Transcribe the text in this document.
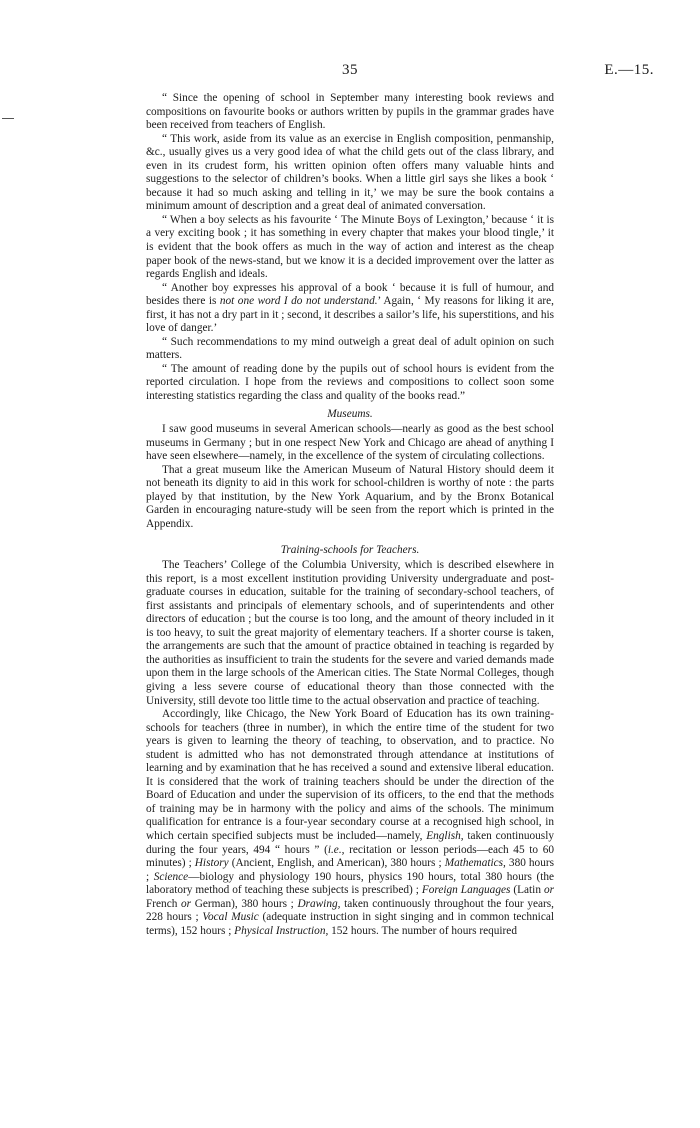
35	E.—15.

“ Since the opening of school in September many interesting book reviews and compositions on favourite books or authors written by pupils in the grammar grades have been received from teachers of English.

“ This work, aside from its value as an exercise in English composition, penmanship, &c., usually gives us a very good idea of what the child gets out of the class library, and even in its crudest form, his written opinion often offers many valuable hints and suggestions to the selector of children’s books. When a little girl says she likes a book ‘ because it had so much asking and telling in it,’ we may be sure the book contains a minimum amount of description and a great deal of animated conversation.

“ When a boy selects as his favourite ‘ The Minute Boys of Lexington,’ because ‘ it is a very exciting book ; it has something in every chapter that makes your blood tingle,’ it is evident that the book offers as much in the way of action and interest as the cheap paper book of the news-stand, but we know it is a decided improvement over the latter as regards English and ideals.

“ Another boy expresses his approval of a book ‘ because it is full of humour, and besides there is not one word I do not understand.’ Again, ‘ My reasons for liking it are, first, it has not a dry part in it ; second, it describes a sailor’s life, his superstitions, and his love of danger.’

“ Such recommendations to my mind outweigh a great deal of adult opinion on such matters.

“ The amount of reading done by the pupils out of school hours is evident from the reported circulation. I hope from the reviews and compositions to collect soon some interesting statistics regarding the class and quality of the books read.”

Museums.

I saw good museums in several American schools—nearly as good as the best school museums in Germany ; but in one respect New York and Chicago are ahead of anything I have seen elsewhere—namely, in the excellence of the system of circulating collections.

That a great museum like the American Museum of Natural History should deem it not beneath its dignity to aid in this work for school-children is worthy of note : the parts played by that institution, by the New York Aquarium, and by the Bronx Botanical Garden in encouraging nature-study will be seen from the report which is printed in the Appendix.

Training-schools for Teachers.

The Teachers’ College of the Columbia University, which is described elsewhere in this report, is a most excellent institution providing University undergraduate and post-graduate courses in education, suitable for the training of secondary-school teachers, of first assistants and principals of elementary schools, and of superintendents and other directors of education ; but the course is too long, and the amount of theory included in it is too heavy, to suit the great majority of elementary teachers. If a shorter course is taken, the arrangements are such that the amount of practice obtained in teaching is regarded by the authorities as insufficient to train the students for the severe and varied demands made upon them in the large schools of the American cities. The State Normal Colleges, though giving a less severe course of educational theory than those connected with the University, still devote too little time to the actual observation and practice of teaching.

Accordingly, like Chicago, the New York Board of Education has its own training-schools for teachers (three in number), in which the entire time of the student for two years is given to learning the theory of teaching, to observation, and to practice. No student is admitted who has not demonstrated through attendance at institutions of learning and by examination that he has received a sound and extensive liberal education. It is considered that the work of training teachers should be under the direction of the Board of Education and under the supervision of its officers, to the end that the methods of training may be in harmony with the policy and aims of the schools. The minimum qualification for entrance is a four-year secondary course at a recognised high school, in which certain specified subjects must be included—namely, English, taken continuously during the four years, 494 “ hours ” (i.e., recitation or lesson periods—each 45 to 60 minutes) ; History (Ancient, English, and American), 380 hours ; Mathematics, 380 hours ; Science—biology and physiology 190 hours, physics 190 hours, total 380 hours (the laboratory method of teaching these subjects is prescribed) ; Foreign Languages (Latin or French or German), 380 hours ; Drawing, taken continuously throughout the four years, 228 hours ; Vocal Music (adequate instruction in sight singing and in common technical terms), 152 hours ; Physical Instruction, 152 hours. The number of hours required
